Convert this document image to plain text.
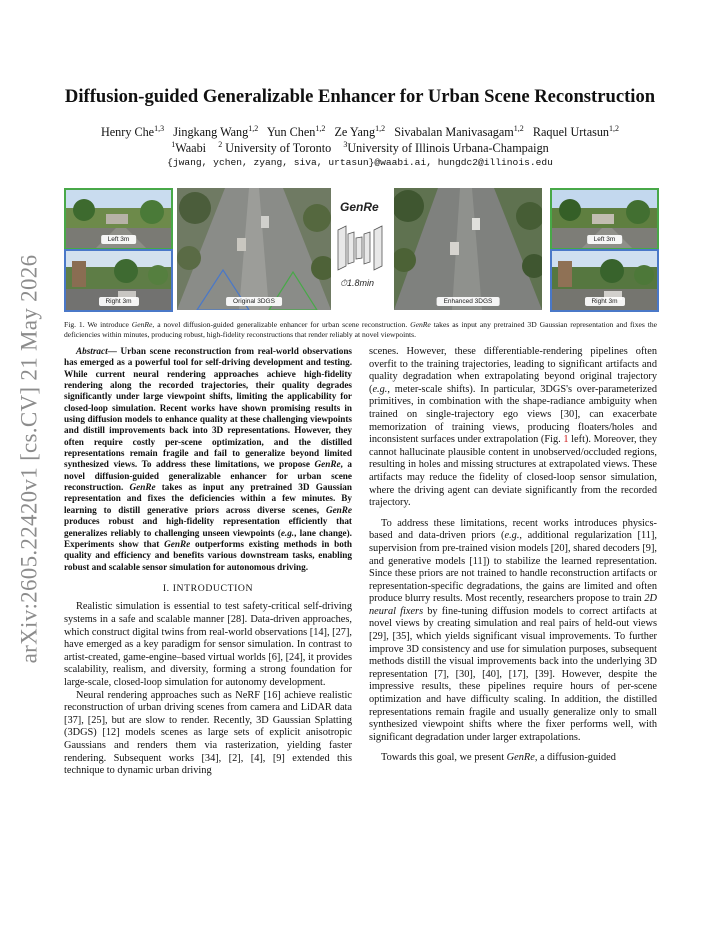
arXiv:2605.22420v1 [cs.CV] 21 May 2026
Diffusion-guided Generalizable Enhancer for Urban Scene Reconstruction
Henry Che$^{1,3}$ Jingkang Wang$^{1,2}$ Yun Chen$^{1,2}$ Ze Yang$^{1,2}$ Sivabalan Manivasagam$^{1,2}$ Raquel Urtasun$^{1,2}$
$^1$Waabi $^2$ University of Toronto $^3$University of Illinois Urbana-Champaign
{jwang, ychen, zyang, siva, urtasun}@waabi.ai, hungdc2@illinois.edu
Left 3m
Right 3m	Original 3DGS
GenRe
⏱1.8min
Enhanced 3DGS
Left 3m
Right 3m
Fig. 1. We introduce GenRe, a novel diffusion-guided generalizable enhancer for urban scene reconstruction. GenRe takes as input any pretrained 3D Gaussian representation and fixes the deficiencies within minutes, producing robust, high-fidelity reconstructions that render reliably at novel viewpoints.

Abstract— Urban scene reconstruction from real-world observations has emerged as a powerful tool for self-driving development and testing. While current neural rendering approaches achieve high-fidelity rendering along the recorded trajectories, their quality degrades significantly under large viewpoint shifts, limiting the applicability for closed-loop simulation. Recent works have shown promising results in using diffusion models to enhance quality at these challenging viewpoints and distill improvements back into 3D representations. However, they often require costly per-scene optimization, and the distilled representations remain fragile and fail to generalize beyond limited synthesized views. To address these limitations, we propose GenRe, a novel diffusion-guided generalizable enhancer for urban scene reconstruction. GenRe takes as input any pretrained 3D Gaussian representation and fixes the deficiencies within a few minutes. By learning to distill generative priors across diverse scenes, GenRe produces robust and high-fidelity representation efficiently that generalizes reliably to challenging unseen viewpoints (e.g., lane change). Experiments show that GenRe outperforms existing methods in both quality and efficiency and benefits various downstream tasks, enabling robust and scalable sensor simulation for autonomous driving.

I. INTRODUCTION

Realistic simulation is essential to test safety-critical self-driving systems in a safe and scalable manner [28]. Data-driven approaches, which construct digital twins from real-world observations [14], [27], have emerged as a key paradigm for sensor simulation. In contrast to artist-created, game-engine–based virtual worlds [6], [24], it provides scalability, realism, and diversity, forming a strong foundation for large-scale, closed-loop simulation for autonomy development.

Neural rendering approaches such as NeRF [16] achieve realistic reconstruction of urban driving scenes from camera and LiDAR data [37], [25], but are slow to render. Recently, 3D Gaussian Splatting (3DGS) [12] models scenes as large sets of explicit anisotropic Gaussians and renders them via rasterization, yielding faster rendering. Subsequent works [34], [2], [4], [9] extended this technique to dynamic urban driving

scenes. However, these differentiable-rendering pipelines often overfit to the training trajectories, leading to significant artifacts and quality degradation when extrapolating beyond original trajectory (e.g., meter-scale shifts). In particular, 3DGS's over-parameterized primitives, in combination with the shape-radiance ambiguity when trained on single-trajectory ego views [30], can exacerbate memorization of training views, producing floaters/holes and inconsistent surfaces under extrapolation (Fig. 1 left). Moreover, they cannot hallucinate plausible content in unobserved/occluded regions, resulting in holes and missing structures at extrapolated views. These artifacts may reduce the fidelity of closed-loop sensor simulation, where the driving agent can deviate significantly from the recorded trajectory.

To address these limitations, recent works introduces physics-based and data-driven priors (e.g., additional regularization [11], supervision from pre-trained vision models [20], shared decoders [9], and generative models [11]) to stabilize the learned representation. Since these priors are not trained to handle reconstruction artifacts or representation-specific degradations, the gains are limited and often produce blurry results. Most recently, researchers propose to train 2D neural fixers by fine-tuning diffusion models to correct artifacts at novel views by creating simulation and real pairs of held-out views [29], [35], which yields significant visual improvements. To further improve 3D consistency and use for simulation purposes, subsequent methods distill the visual improvements back into the underlying 3D representation [7], [30], [40], [17], [39]. However, despite the impressive results, these pipelines require hours of per-scene optimization and have difficulty scaling. In addition, the distilled representations remain fragile and usually generalize only to small synthesized viewpoint shifts where the fixer performs well, with significant degradation under larger extrapolations.

Towards this goal, we present GenRe, a diffusion-guided
